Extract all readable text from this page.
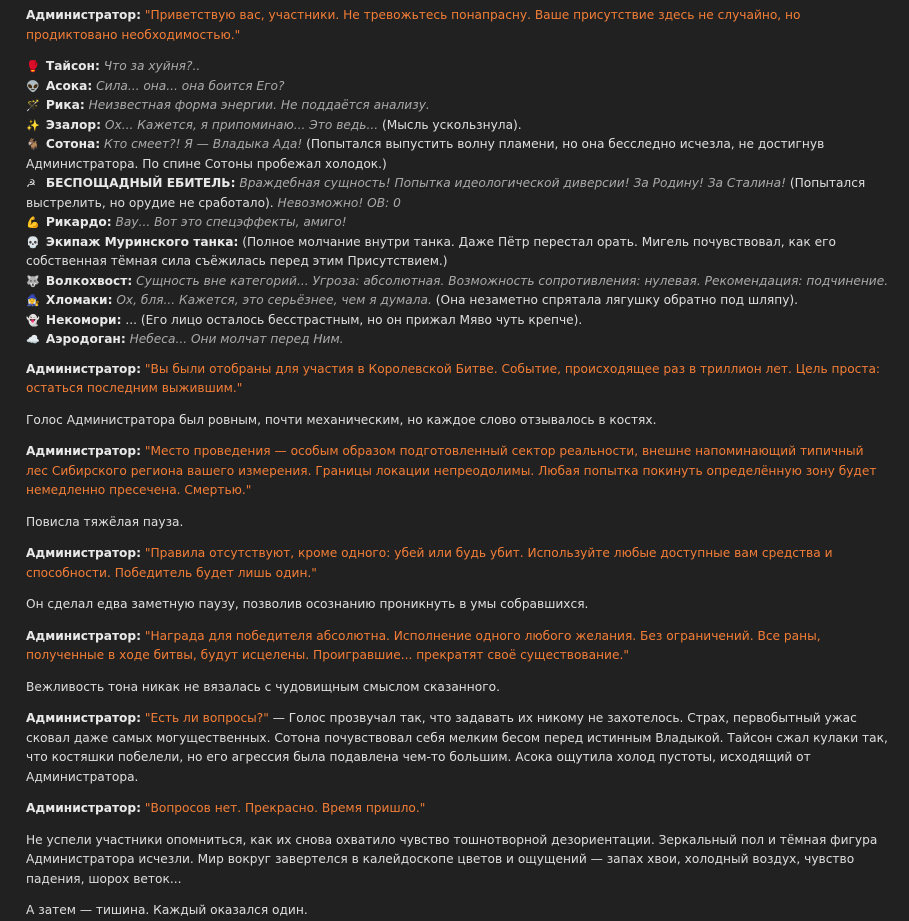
Администратор: "Приветствую вас, участники. Не тревожьтесь понапрасну. Ваше присутствие здесь не случайно, но продиктовано необходимостью."

🥊 Тайсон: Что за хуйня?..
👽 Асока: Сила... она... она боится Его?
🪄 Рика: Неизвестная форма энергии. Не поддаётся анализу.
✨ Эзалор: Ох... Кажется, я припоминаю... Это ведь... (Мысль ускользнула).
🐐 Сотона: Кто смеет?! Я — Владыка Ада! (Попытался выпустить волну пламени, но она бесследно исчезла, не достигнув Администратора. По спине Сотоны пробежал холодок.)
☭ БЕСПОЩАДНЫЙ ЕБИТЕЛЬ: Враждебная сущность! Попытка идеологической диверсии! За Родину! За Сталина! (Попытался выстрелить, но орудие не сработало). Невозможно! ОВ: 0
💪 Рикардо: Вау... Вот это спецэффекты, амиго!
💀 Экипаж Муринского танка: (Полное молчание внутри танка. Даже Пётр перестал орать. Мигель почувствовал, как его собственная тёмная сила съёжилась перед этим Присутствием.)
🐺 Волкохвост: Сущность вне категорий... Угроза: абсолютная. Возможность сопротивления: нулевая. Рекомендация: подчинение.
🧙‍♀️ Хломаки: Ох, бля... Кажется, это серьёзнее, чем я думала. (Она незаметно спрятала лягушку обратно под шляпу).
👻 Некомори: ... (Его лицо осталось бесстрастным, но он прижал Мяво чуть крепче).
☁️ Аэродоган: Небеса... Они молчат перед Ним.

Администратор: "Вы были отобраны для участия в Королевской Битве. Событие, происходящее раз в триллион лет. Цель проста: остаться последним выжившим."

Голос Администратора был ровным, почти механическим, но каждое слово отзывалось в костях.

Администратор: "Место проведения — особым образом подготовленный сектор реальности, внешне напоминающий типичный лес Сибирского региона вашего измерения. Границы локации непреодолимы. Любая попытка покинуть определённую зону будет немедленно пресечена. Смертью."

Повисла тяжёлая пауза.

Администратор: "Правила отсутствуют, кроме одного: убей или будь убит. Используйте любые доступные вам средства и способности. Победитель будет лишь один."

Он сделал едва заметную паузу, позволив осознанию проникнуть в умы собравшихся.

Администратор: "Награда для победителя абсолютна. Исполнение одного любого желания. Без ограничений. Все раны, полученные в ходе битвы, будут исцелены. Проигравшие... прекратят своё существование."

Вежливость тона никак не вязалась с чудовищным смыслом сказанного.

Администратор: "Есть ли вопросы?" — Голос прозвучал так, что задавать их никому не захотелось. Страх, первобытный ужас сковал даже самых могущественных. Сотона почувствовал себя мелким бесом перед истинным Владыкой. Тайсон сжал кулаки так, что костяшки побелели, но его агрессия была подавлена чем-то большим. Асока ощутила холод пустоты, исходящий от Администратора.

Администратор: "Вопросов нет. Прекрасно. Время пришло."

Не успели участники опомниться, как их снова охватило чувство тошнотворной дезориентации. Зеркальный пол и тёмная фигура Администратора исчезли. Мир вокруг завертелся в калейдоскопе цветов и ощущений — запах хвои, холодный воздух, чувство падения, шорох веток...

А затем — тишина. Каждый оказался один.
